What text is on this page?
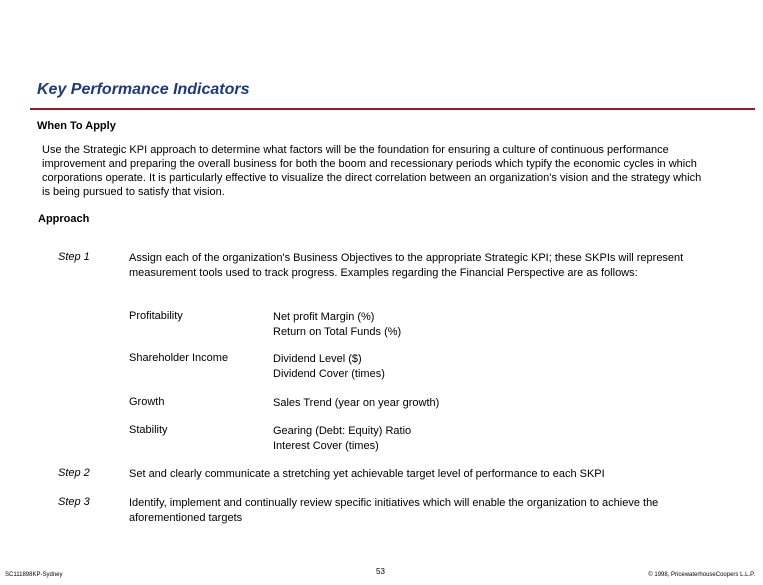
Key Performance Indicators
When To Apply
Use the Strategic KPI approach to determine what factors will be the foundation for ensuring a culture of continuous performance improvement and preparing the overall business for both the boom and recessionary periods which typify the economic cycles in which corporations operate. It is particularly effective to visualize the direct correlation between an organization's vision and the strategy which is being pursued to satisfy that vision.
Approach
Step 1	Assign each of the organization's Business Objectives to the appropriate Strategic KPI; these SKPIs will represent measurement tools used to track progress. Examples regarding the Financial Perspective are as follows:
Profitability	Net profit Margin (%)
Return on Total Funds (%)
Shareholder Income	Dividend Level ($)
Dividend Cover (times)
Growth	Sales Trend (year on year growth)
Stability	Gearing (Debt: Equity) Ratio
Interest Cover (times)
Step 2	Set and clearly communicate a stretching yet achievable target level of performance to each SKPI
Step 3	Identify, implement and continually review specific initiatives which will enable the organization to achieve the aforementioned targets
SC111898KP-Sydney	53	© 1998, PricewaterhouseCoopers L.L.P.
